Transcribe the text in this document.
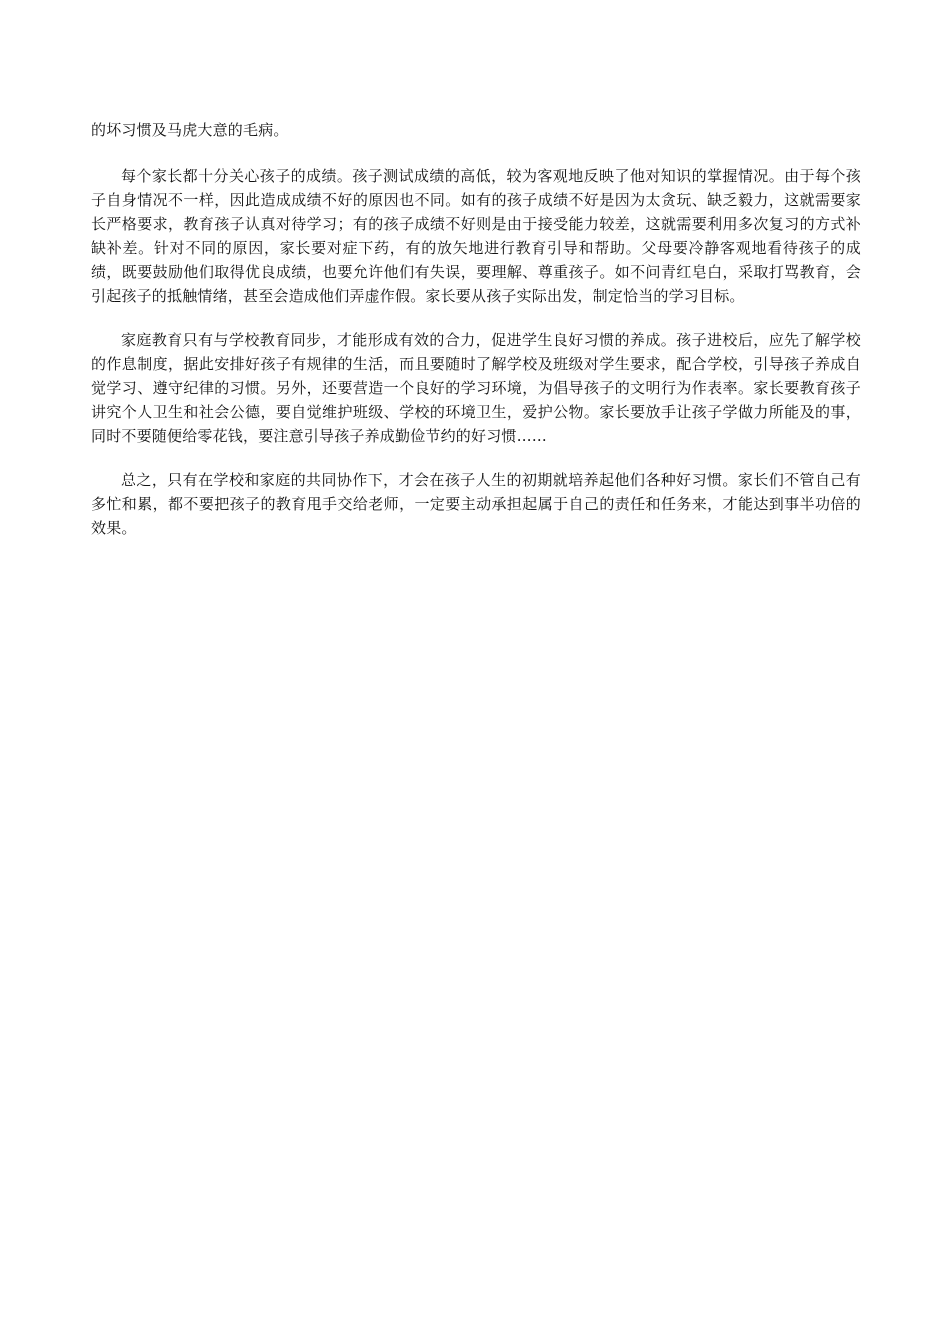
的坏习惯及马虎大意的毛病。

每个家长都十分关心孩子的成绩。孩子测试成绩的高低，较为客观地反映了他对知识的掌握情况。由于每个孩子自身情况不一样，因此造成成绩不好的原因也不同。如有的孩子成绩不好是因为太贪玩、缺乏毅力，这就需要家长严格要求，教育孩子认真对待学习；有的孩子成绩不好则是由于接受能力较差，这就需要利用多次复习的方式补缺补差。针对不同的原因，家长要对症下药，有的放矢地进行教育引导和帮助。父母要冷静客观地看待孩子的成绩，既要鼓励他们取得优良成绩，也要允许他们有失误，要理解、尊重孩子。如不问青红皂白，采取打骂教育，会引起孩子的抵触情绪，甚至会造成他们弄虚作假。家长要从孩子实际出发，制定恰当的学习目标。

家庭教育只有与学校教育同步，才能形成有效的合力，促进学生良好习惯的养成。孩子进校后，应先了解学校的作息制度，据此安排好孩子有规律的生活，而且要随时了解学校及班级对学生要求，配合学校，引导孩子养成自觉学习、遵守纪律的习惯。另外，还要营造一个良好的学习环境，为倡导孩子的文明行为作表率。家长要教育孩子讲究个人卫生和社会公德，要自觉维护班级、学校的环境卫生，爱护公物。家长要放手让孩子学做力所能及的事，同时不要随便给零花钱，要注意引导孩子养成勤俭节约的好习惯……

总之，只有在学校和家庭的共同协作下，才会在孩子人生的初期就培养起他们各种好习惯。家长们不管自己有多忙和累，都不要把孩子的教育甩手交给老师，一定要主动承担起属于自己的责任和任务来，才能达到事半功倍的效果。
